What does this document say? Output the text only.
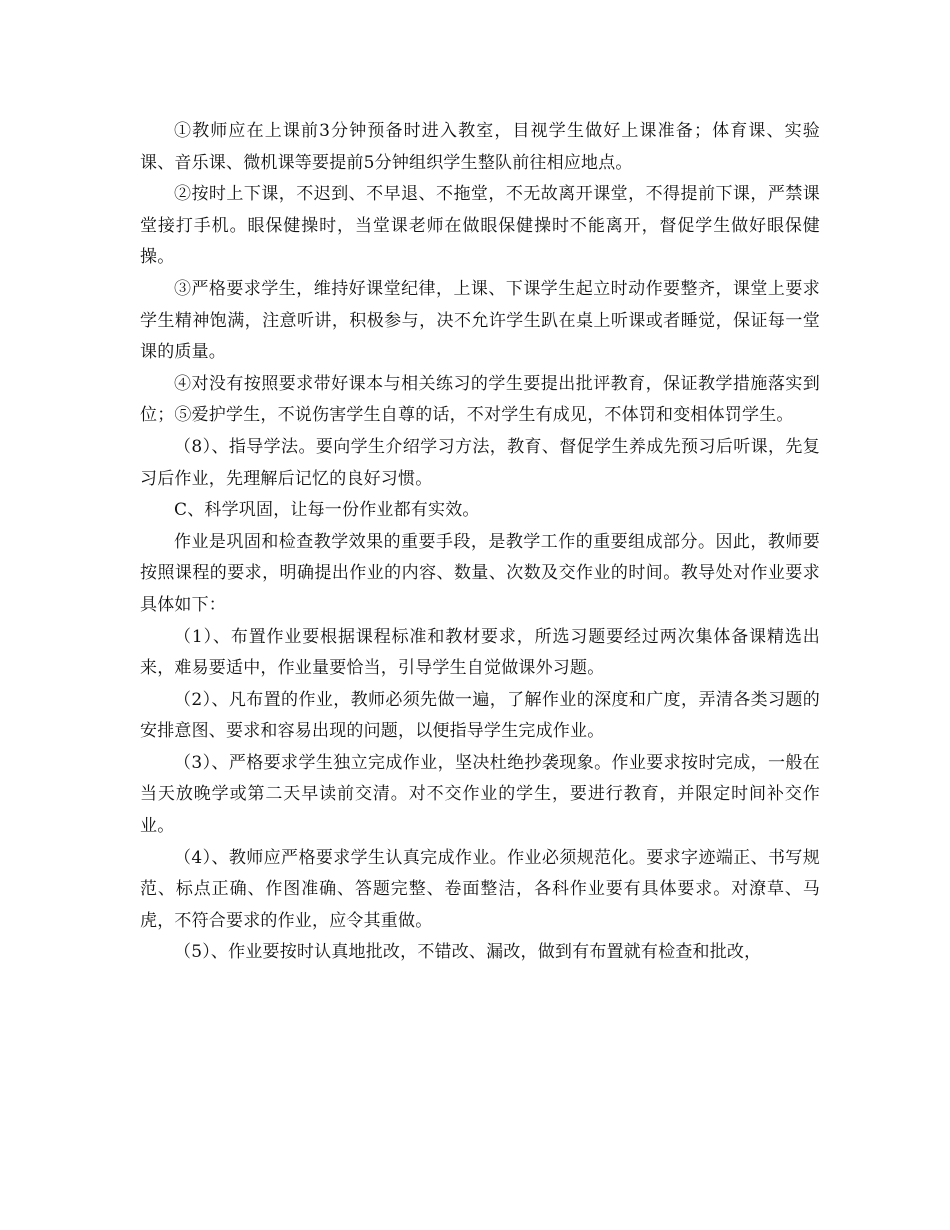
①教师应在上课前3分钟预备时进入教室，目视学生做好上课准备；体育课、实验课、音乐课、微机课等要提前5分钟组织学生整队前往相应地点。

②按时上下课，不迟到、不早退、不拖堂，不无故离开课堂，不得提前下课，严禁课堂接打手机。眼保健操时，当堂课老师在做眼保健操时不能离开，督促学生做好眼保健操。

③严格要求学生，维持好课堂纪律，上课、下课学生起立时动作要整齐，课堂上要求学生精神饱满，注意听讲，积极参与，决不允许学生趴在桌上听课或者睡觉，保证每一堂课的质量。

④对没有按照要求带好课本与相关练习的学生要提出批评教育，保证教学措施落实到位；⑤爱护学生，不说伤害学生自尊的话，不对学生有成见，不体罚和变相体罚学生。

（8）、指导学法。要向学生介绍学习方法，教育、督促学生养成先预习后听课，先复习后作业，先理解后记忆的良好习惯。

C、科学巩固，让每一份作业都有实效。

作业是巩固和检查教学效果的重要手段，是教学工作的重要组成部分。因此，教师要按照课程的要求，明确提出作业的内容、数量、次数及交作业的时间。教导处对作业要求具体如下：

（1）、布置作业要根据课程标准和教材要求，所选习题要经过两次集体备课精选出来，难易要适中，作业量要恰当，引导学生自觉做课外习题。

（2）、凡布置的作业，教师必须先做一遍，了解作业的深度和广度，弄清各类习题的安排意图、要求和容易出现的问题，以便指导学生完成作业。

（3）、严格要求学生独立完成作业，坚决杜绝抄袭现象。作业要求按时完成，一般在当天放晚学或第二天早读前交清。对不交作业的学生，要进行教育，并限定时间补交作业。

（4）、教师应严格要求学生认真完成作业。作业必须规范化。要求字迹端正、书写规范、标点正确、作图准确、答题完整、卷面整洁，各科作业要有具体要求。对潦草、马虎，不符合要求的作业，应令其重做。

（5）、作业要按时认真地批改，不错改、漏改，做到有布置就有检查和批改，
